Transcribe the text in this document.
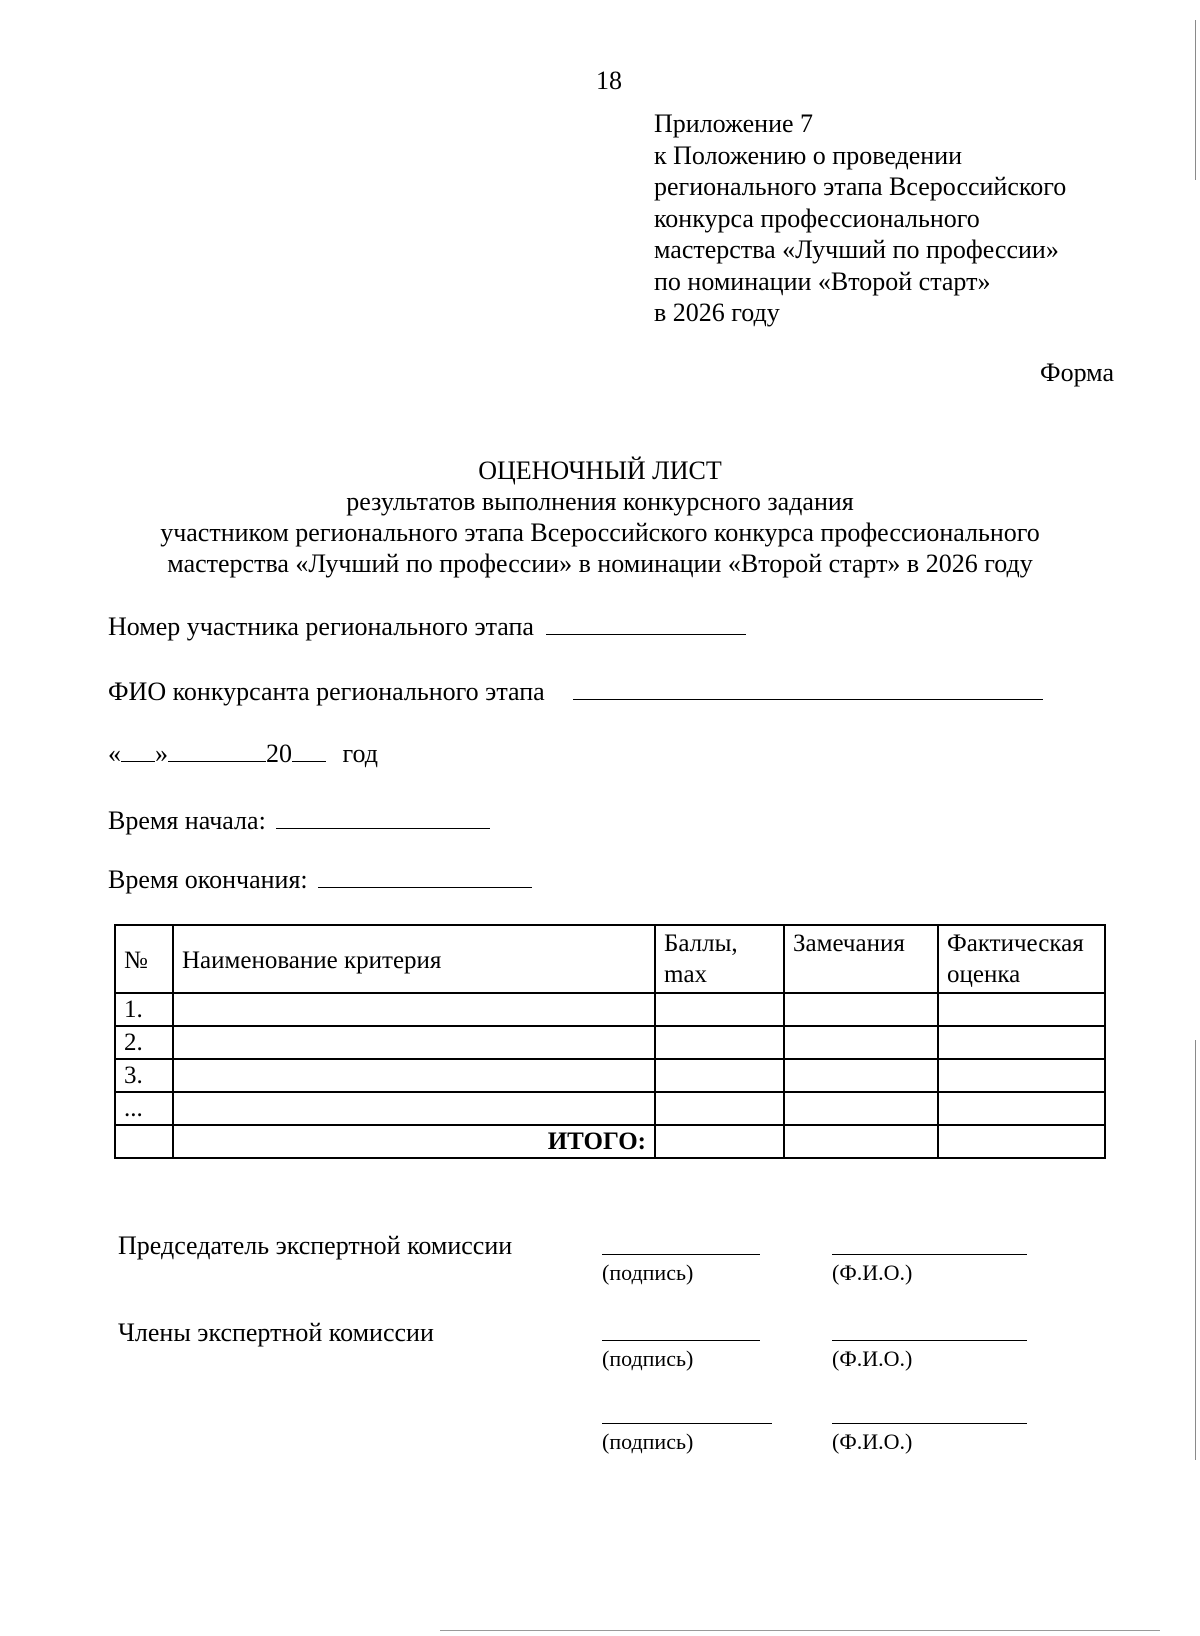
18
Приложение 7
к Положению о проведении
регионального этапа Всероссийского
конкурса профессионального
мастерства «Лучший по профессии»
по номинации «Второй старт»
в 2026 году
Форма
ОЦЕНОЧНЫЙ ЛИСТ
результатов выполнения конкурсного задания
участником регионального этапа Всероссийского конкурса профессионального
мастерства «Лучший по профессии» в номинации «Второй старт» в 2026 году
Номер участника регионального этапа
ФИО конкурсанта регионального этапа
« »	20 год
Время начала:
Время окончания:
№	Наименование критерия	Баллы, max	Замечания	Фактическая оценка
1.				
2.				
3.				
...				
	ИТОГО:			
Председатель экспертной комиссии
(подпись)	(Ф.И.О.)
Члены экспертной комиссии
(подпись)	(Ф.И.О.)
(подпись)	(Ф.И.О.)
